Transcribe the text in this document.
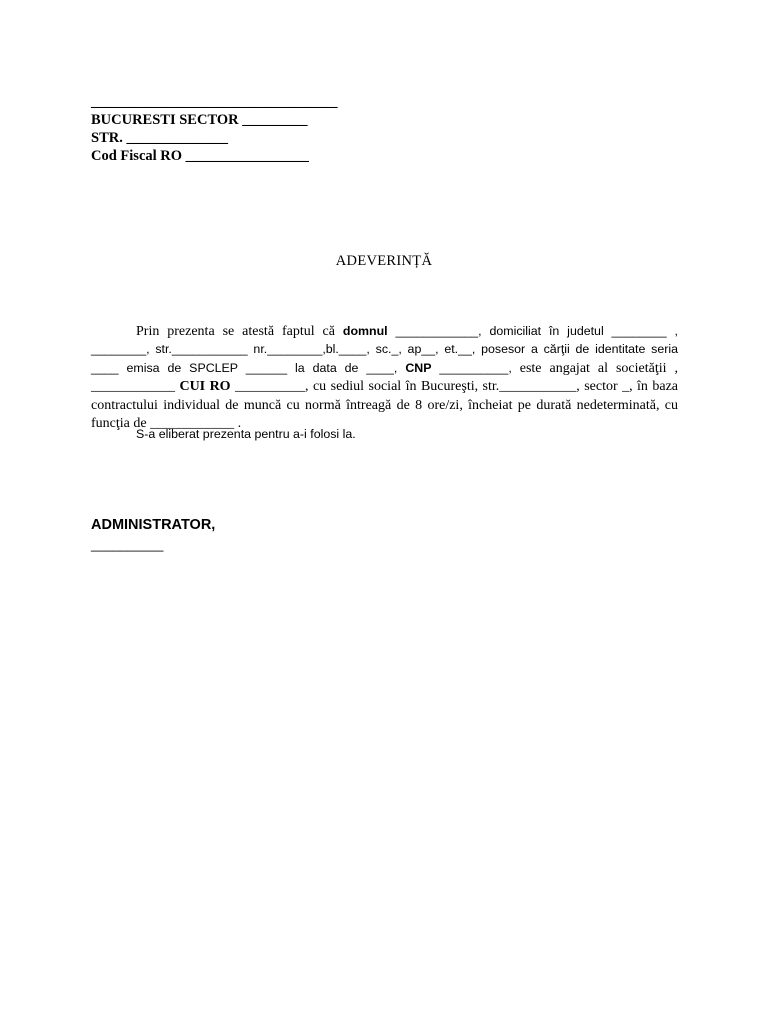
__________________________________
BUCURESTI SECTOR _________
STR. ______________
Cod Fiscal RO _________________
ADEVERINȚĂ
Prin prezenta se atestă faptul că domnul ____________, domiciliat în judetul ________ , ________, str.___________ nr.________,bl.____, sc._, ap__, et.__, posesor a cărţii de identitate seria ____ emisa de SPCLEP ______ la data de ____, CNP __________, este angajat al societăţii , ____________ CUI RO __________, cu sediul social în Bucureşti, str.___________, sector _, în baza contractului individual de muncă cu normă întreagă de 8 ore/zi, încheiat pe durată nedeterminată, cu funcţia de ____________ .
S-a eliberat prezenta pentru a-i folosi la.
ADMINISTRATOR,
__________
